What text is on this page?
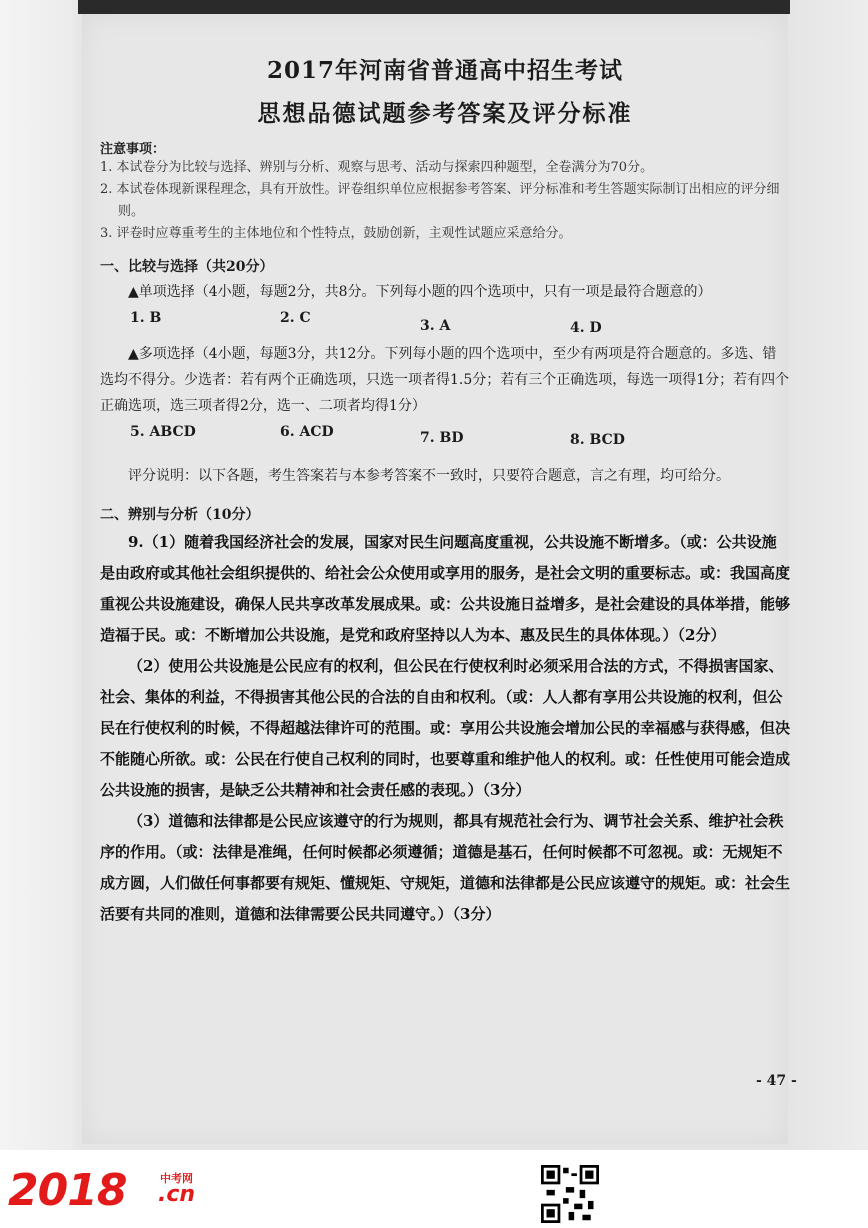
2017年河南省普通高中招生考试
思想品德试题参考答案及评分标准
注意事项：
1. 本试卷分为比较与选择、辨别与分析、观察与思考、活动与探索四种题型，全卷满分为70分。
2. 本试卷体现新课程理念，具有开放性。评卷组织单位应根据参考答案、评分标准和考生答题实际制订出相应的评分细则。
3. 评卷时应尊重考生的主体地位和个性特点，鼓励创新，主观性试题应采意给分。
一、比较与选择（共20分）
▲单项选择（4小题，每题2分，共8分。下列每小题的四个选项中，只有一项是最符合题意的）
1. B	2. C	3. A	4. D
▲多项选择（4小题，每题3分，共12分。下列每小题的四个选项中，至少有两项是符合题意的。多选、错选均不得分。少选者：若有两个正确选项，只选一项者得1.5分；若有三个正确选项，每选一项得1分；若有四个正确选项，选三项者得2分，选一、二项者均得1分）
5. ABCD	6. ACD	7. BD	8. BCD
评分说明：以下各题，考生答案若与本参考答案不一致时，只要符合题意，言之有理，均可给分。
二、辨别与分析（10分）
9.（1）随着我国经济社会的发展，国家对民生问题高度重视，公共设施不断增多。（或：公共设施是由政府或其他社会组织提供的、给社会公众使用或享用的服务，是社会文明的重要标志。或：我国高度重视公共设施建设，确保人民共享改革发展成果。或：公共设施日益增多，是社会建设的具体举措，能够造福于民。或：不断增加公共设施，是党和政府坚持以人为本、惠及民生的具体体现。）（2分）
（2）使用公共设施是公民应有的权利，但公民在行使权利时必须采用合法的方式，不得损害国家、社会、集体的利益，不得损害其他公民的合法的自由和权利。（或：人人都有享用公共设施的权利，但公民在行使权利的时候，不得超越法律许可的范围。或：享用公共设施会增加公民的幸福感与获得感，但决不能随心所欲。或：公民在行使自己权利的同时，也要尊重和维护他人的权利。或：任性使用可能会造成公共设施的损害，是缺乏公共精神和社会责任感的表现。）（3分）
（3）道德和法律都是公民应该遵守的行为规则，都具有规范社会行为、调节社会关系、维护社会秩序的作用。（或：法律是准绳，任何时候都必须遵循；道德是基石，任何时候都不可忽视。或：无规矩不成方圆，人们做任何事都要有规矩、懂规矩、守规矩，道德和法律都是公民应该遵守的规矩。或：社会生活要有共同的准则，道德和法律需要公民共同遵守。）（3分）
- 47 -
2018	中考网
.cn
